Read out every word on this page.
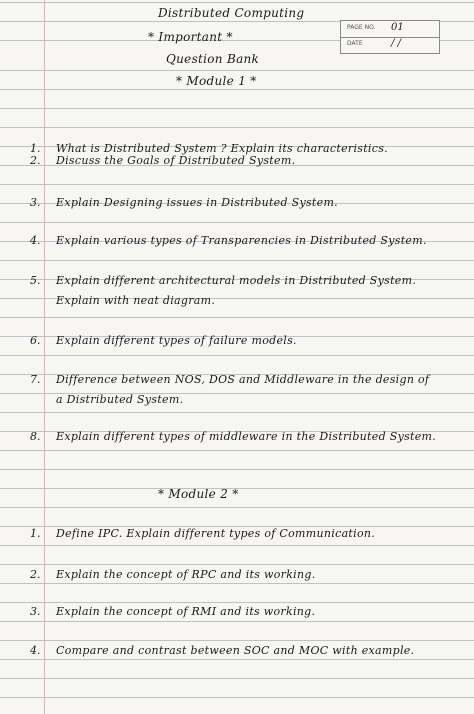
Distributed Computing
* Important *
Question Bank
PAGE NO. 01
DATE	/ /
* Module 1 *
1. What is Distributed System ? Explain its characteristics.
2. Discuss the Goals of Distributed System.
3. Explain Designing issues in Distributed System.
4. Explain various types of Transparencies in Distributed System.
5. Explain different architectural models in Distributed System.
Explain with neat diagram.
6. Explain different types of failure models.
7. Difference between NOS, DOS and Middleware in the design of
a Distributed System.
8. Explain different types of middleware in the Distributed System.
* Module 2 *
1. Define IPC. Explain different types of Communication.
2. Explain the concept of RPC and its working.
3. Explain the concept of RMI and its working.
4. Compare and contrast between SOC and MOC with example.
